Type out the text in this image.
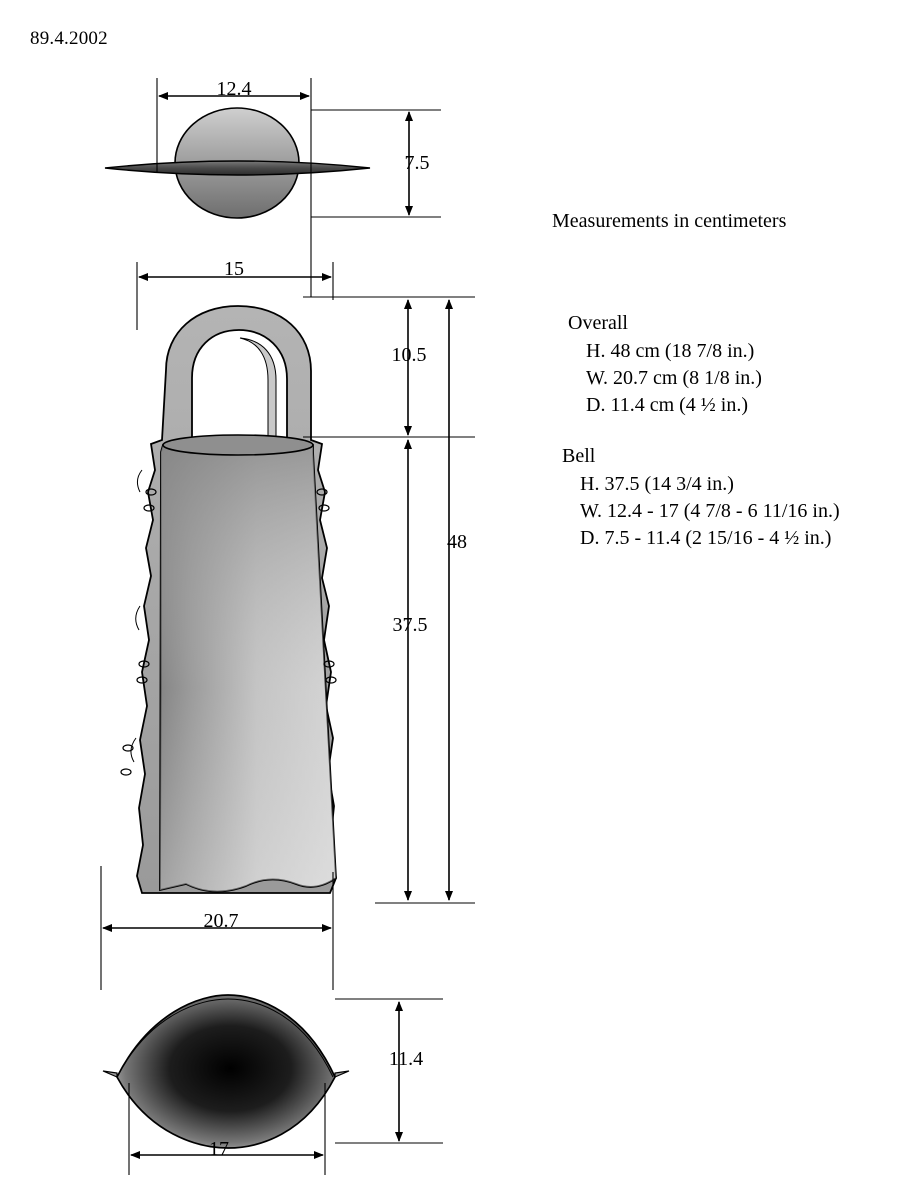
89.4.2002
Measurements in centimeters
Overall
H. 48 cm (18 7/8 in.)
W. 20.7 cm (8 1/8 in.)
D. 11.4 cm (4 ½ in.)
Bell
H. 37.5 (14 3/4 in.)
W. 12.4 - 17 (4 7/8 - 6 11/16 in.)
D. 7.5 - 11.4 (2 15/16 - 4 ½ in.)
12.4
7.5
15
10.5
37.5
48
20.7
11.4
17
